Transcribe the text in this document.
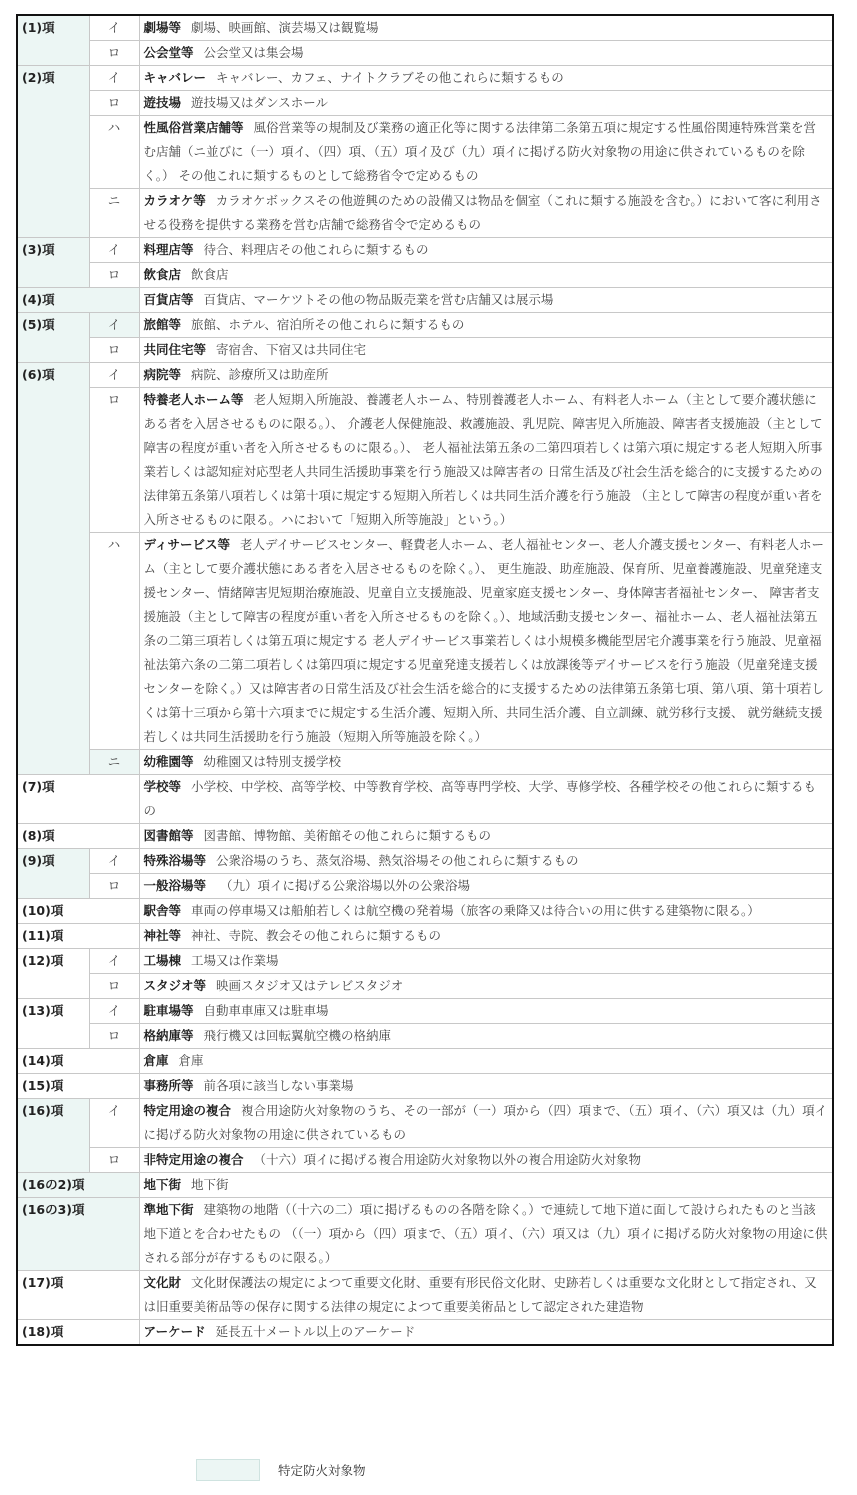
(1)項	イ	劇場等 劇場、映画館、演芸場又は観覧場
	ロ	公会堂等 公会堂又は集会場
(2)項	イ	キャバレー キャバレー、カフェ、ナイトクラブその他これらに類するもの
	ロ	遊技場 遊技場又はダンスホール
	ハ	性風俗営業店舗等 風俗営業等の規制及び業務の適正化等に関する法律第二条第五項に規定する性風俗関連特殊営業を営む店舗（ニ並びに（一）項イ、（四）項、（五）項イ及び（九）項イに掲げる防火対象物の用途に供されているものを除く。） その他これに類するものとして総務省令で定めるもの
	ニ	カラオケ等 カラオケボックスその他遊興のための設備又は物品を個室（これに類する施設を含む。）において客に利用させる役務を提供する業務を営む店舗で総務省令で定めるもの
(3)項	イ	料理店等 待合、料理店その他これらに類するもの
	ロ	飲食店 飲食店
(4)項		百貨店等 百貨店、マーケツトその他の物品販売業を営む店舗又は展示場
(5)項	イ	旅館等 旅館、ホテル、宿泊所その他これらに類するもの
	ロ	共同住宅等 寄宿舎、下宿又は共同住宅
(6)項	イ	病院等 病院、診療所又は助産所
	ロ	特養老人ホーム等 老人短期入所施設、養護老人ホーム、特別養護老人ホーム、有料老人ホーム（主として要介護状態にある者を入居させるものに限る。）、 介護老人保健施設、救護施設、乳児院、障害児入所施設、障害者支援施設（主として障害の程度が重い者を入所させるものに限る。）、 老人福祉法第五条の二第四項若しくは第六項に規定する老人短期入所事業若しくは認知症対応型老人共同生活援助事業を行う施設又は障害者の 日常生活及び社会生活を総合的に支援するための法律第五条第八項若しくは第十項に規定する短期入所若しくは共同生活介護を行う施設 （主として障害の程度が重い者を入所させるものに限る。ハにおいて「短期入所等施設」という。）
	ハ	ディサービス等 老人デイサービスセンター、軽費老人ホーム、老人福祉センター、老人介護支援センター、有料老人ホーム（主として要介護状態にある者を入居させるものを除く。）、 更生施設、助産施設、保育所、児童養護施設、児童発達支援センター、情緒障害児短期治療施設、児童自立支援施設、児童家庭支援センター、身体障害者福祉センター、 障害者支援施設（主として障害の程度が重い者を入所させるものを除く。）、地域活動支援センター、福祉ホーム、老人福祉法第五条の二第三項若しくは第五項に規定する 老人デイサービス事業若しくは小規模多機能型居宅介護事業を行う施設、児童福祉法第六条の二第二項若しくは第四項に規定する児童発達支援若しくは放課後等デイサービスを行う施設（児童発達支援センターを除く。）又は障害者の日常生活及び社会生活を総合的に支援するための法律第五条第七項、第八項、第十項若しくは第十三項から第十六項までに規定する生活介護、短期入所、共同生活介護、自立訓練、就労移行支援、 就労継続支援若しくは共同生活援助を行う施設（短期入所等施設を除く。）
	ニ	幼稚園等 幼稚園又は特別支援学校
(7)項		学校等 小学校、中学校、高等学校、中等教育学校、高等専門学校、大学、専修学校、各種学校その他これらに類するもの
(8)項		図書館等 図書館、博物館、美術館その他これらに類するもの
(9)項	イ	特殊浴場等 公衆浴場のうち、蒸気浴場、熱気浴場その他これらに類するもの
	ロ	一般浴場等 （九）項イに掲げる公衆浴場以外の公衆浴場
(10)項		駅舎等 車両の停車場又は船舶若しくは航空機の発着場（旅客の乗降又は待合いの用に供する建築物に限る。）
(11)項		神社等 神社、寺院、教会その他これらに類するもの
(12)項	イ	工場棟 工場又は作業場
	ロ	スタジオ等 映画スタジオ又はテレビスタジオ
(13)項	イ	駐車場等 自動車車庫又は駐車場
	ロ	格納庫等 飛行機又は回転翼航空機の格納庫
(14)項		倉庫 倉庫
(15)項		事務所等 前各項に該当しない事業場
(16)項	イ	特定用途の複合 複合用途防火対象物のうち、その一部が（一）項から（四）項まで、（五）項イ、（六）項又は（九）項イに掲げる防火対象物の用途に供されているもの
	ロ	非特定用途の複合 （十六）項イに掲げる複合用途防火対象物以外の複合用途防火対象物
(16の2)項		地下街 地下街
(16の3)項		準地下街 建築物の地階（（十六の二）項に掲げるものの各階を除く。）で連続して地下道に面して設けられたものと当該地下道とを合わせたもの （（一）項から（四）項まで、（五）項イ、（六）項又は（九）項イに掲げる防火対象物の用途に供される部分が存するものに限る。）
(17)項		文化財 文化財保護法の規定によつて重要文化財、重要有形民俗文化財、史跡若しくは重要な文化財として指定され、又は旧重要美術品等の保存に関する法律の規定によつて重要美術品として認定された建造物
(18)項		アーケード 延長五十メートル以上のアーケード
特定防火対象物
